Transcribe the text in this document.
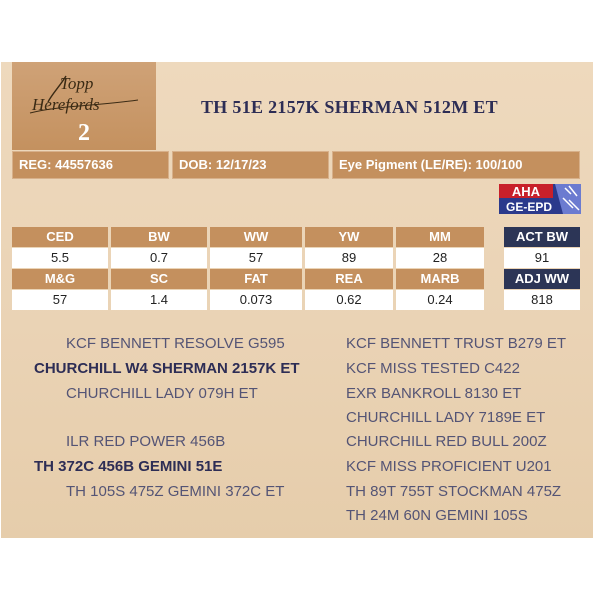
Topp
Herefords
2
TH 51E 2157K SHERMAN 512M ET
REG: 44557636	DOB: 12/17/23	Eye Pigment (LE/RE): 100/100
AHA
GE-EPD
CED	BW	WW	YW	MM
5.5	0.7	57	89	28
M&G	SC	FAT	REA	MARB
57	1.4	0.073	0.62	0.24
ACT BW
91
ADJ WW
818
KCF BENNETT RESOLVE G595
CHURCHILL W4 SHERMAN 2157K ET
CHURCHILL LADY 079H ET
ILR RED POWER 456B
TH 372C 456B GEMINI 51E
TH 105S 475Z GEMINI 372C ET
KCF BENNETT TRUST B279 ET
KCF MISS TESTED C422
EXR BANKROLL 8130 ET
CHURCHILL LADY 7189E ET
CHURCHILL RED BULL 200Z
KCF MISS PROFICIENT U201
TH 89T 755T STOCKMAN 475Z
TH 24M 60N GEMINI 105S
